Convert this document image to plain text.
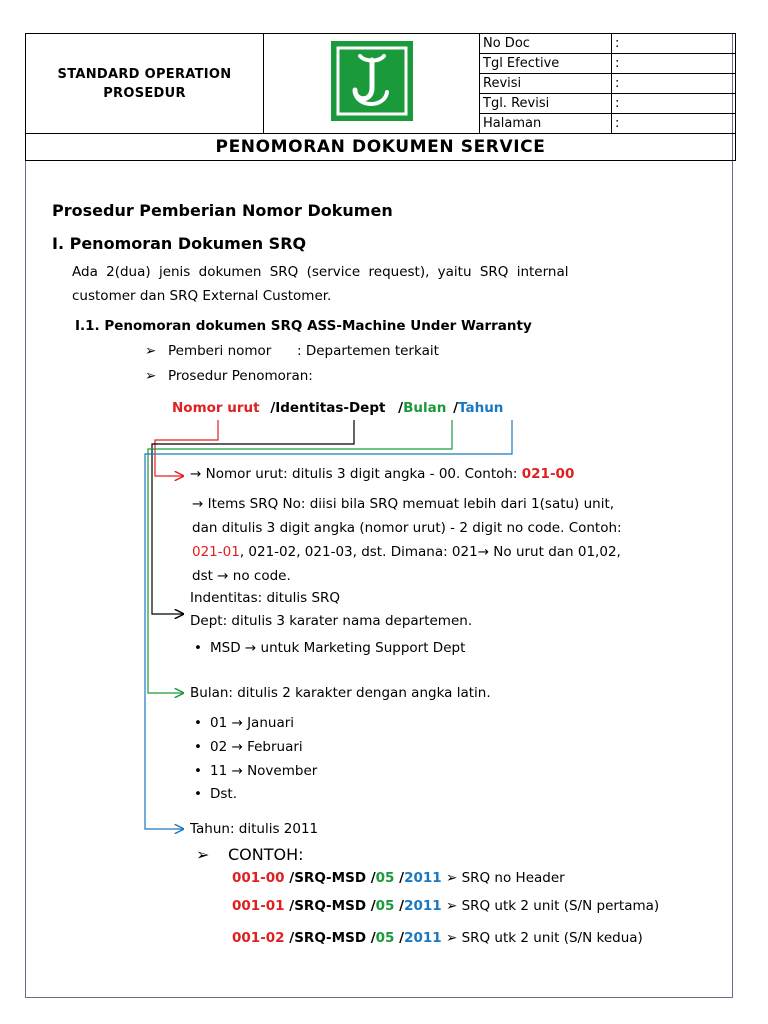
STANDARD OPERATION
PROSEDUR		No Doc	:
		Tgl Efective	:
		Revisi	:
		Tgl. Revisi	:
		Halaman	:
PENOMORAN DOKUMEN SERVICE			
Prosedur Pemberian Nomor Dokumen
I. Penomoran Dokumen SRQ
Ada 2(dua) jenis dokumen SRQ (service request), yaitu SRQ internal
customer dan SRQ External Customer.
I.1. Penomoran dokumen SRQ ASS-Machine Under Warranty
➢ Pemberi nomor : Departemen terkait
➢ Prosedur Penomoran:
Nomor urut /Identitas-Dept /Bulan /Tahun
→ Nomor urut: ditulis 3 digit angka - 00. Contoh: 021-00
→ Items SRQ No: diisi bila SRQ memuat lebih dari 1(satu) unit,
dan ditulis 3 digit angka (nomor urut) - 2 digit no code. Contoh:
021-01, 021-02, 021-03, dst. Dimana: 021→ No urut dan 01,02,
dst → no code.
Indentitas: ditulis SRQ
Dept: ditulis 3 karater nama departemen.
• MSD → untuk Marketing Support Dept
Bulan: ditulis 2 karakter dengan angka latin.
• 01 → Januari
• 02 → Februari
• 11 → November
• Dst.
Tahun: ditulis 2011
➢ CONTOH:
001-00 /SRQ-MSD /05 /2011 ➢ SRQ no Header
001-01 /SRQ-MSD /05 /2011 ➢ SRQ utk 2 unit (S/N pertama)
001-02 /SRQ-MSD /05 /2011 ➢ SRQ utk 2 unit (S/N kedua)
